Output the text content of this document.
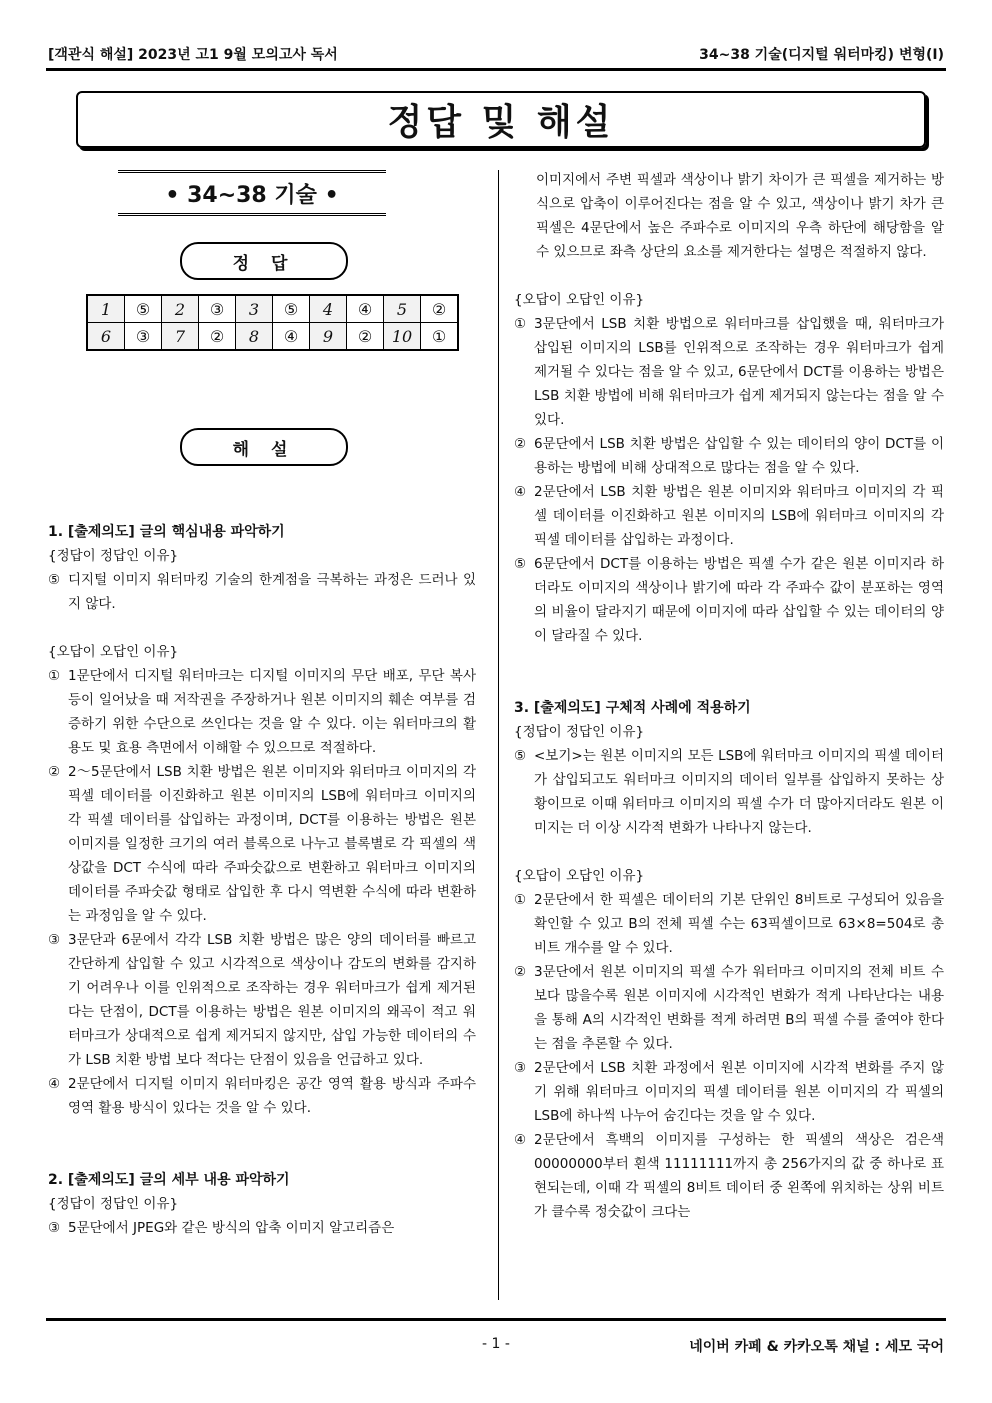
[객관식 해설] 2023년 고1 9월 모의고사 독서	34~38 기술(디지털 워터마킹) 변형(I)
정답 및 해설
• 34~38 기술 •
정 답
1	⑤	2	③	3	⑤	4	④	5	②
6	③	7	②	8	④	9	②	10	①
해 설

1. [출제의도] 글의 핵심내용 파악하기

{정답이 정답인 이유}

⑤ 디지털 이미지 워터마킹 기술의 한계점을 극복하는 과정은 드러나 있지 않다.

{오답이 오답인 이유}

① 1문단에서 디지털 워터마크는 디지털 이미지의 무단 배포, 무단 복사 등이 일어났을 때 저작권을 주장하거나 원본 이미지의 훼손 여부를 검증하기 위한 수단으로 쓰인다는 것을 알 수 있다. 이는 워터마크의 활용도 및 효용 측면에서 이해할 수 있으므로 적절하다.
② 2～5문단에서 LSB 치환 방법은 원본 이미지와 워터마크 이미지의 각 픽셀 데이터를 이진화하고 원본 이미지의 LSB에 워터마크 이미지의 각 픽셀 데이터를 삽입하는 과정이며, DCT를 이용하는 방법은 원본 이미지를 일정한 크기의 여러 블록으로 나누고 블록별로 각 픽셀의 색상값을 DCT 수식에 따라 주파숫값으로 변환하고 워터마크 이미지의 데이터를 주파숫값 형태로 삽입한 후 다시 역변환 수식에 따라 변환하는 과정임을 알 수 있다.
③ 3문단과 6문에서 각각 LSB 치환 방법은 많은 양의 데이터를 빠르고 간단하게 삽입할 수 있고 시각적으로 색상이나 감도의 변화를 감지하기 어려우나 이를 인위적으로 조작하는 경우 워터마크가 쉽게 제거된다는 단점이, DCT를 이용하는 방법은 원본 이미지의 왜곡이 적고 워터마크가 상대적으로 쉽게 제거되지 않지만, 삽입 가능한 데이터의 수가 LSB 치환 방법 보다 적다는 단점이 있음을 언급하고 있다.
④ 2문단에서 디지털 이미지 워터마킹은 공간 영역 활용 방식과 주파수 영역 활용 방식이 있다는 것을 알 수 있다.

2. [출제의도] 글의 세부 내용 파악하기

{정답이 정답인 이유}

③ 5문단에서 JPEG와 같은 방식의 압축 이미지 알고리즘은

이미지에서 주변 픽셀과 색상이나 밝기 차이가 큰 픽셀을 제거하는 방식으로 압축이 이루어진다는 점을 알 수 있고, 색상이나 밝기 차가 큰 픽셀은 4문단에서 높은 주파수로 이미지의 우측 하단에 해당함을 알 수 있으므로 좌측 상단의 요소를 제거한다는 설명은 적절하지 않다.

{오답이 오답인 이유}

① 3문단에서 LSB 치환 방법으로 워터마크를 삽입했을 때, 워터마크가 삽입된 이미지의 LSB를 인위적으로 조작하는 경우 워터마크가 쉽게 제거될 수 있다는 점을 알 수 있고, 6문단에서 DCT를 이용하는 방법은 LSB 치환 방법에 비해 워터마크가 쉽게 제거되지 않는다는 점을 알 수 있다.
② 6문단에서 LSB 치환 방법은 삽입할 수 있는 데이터의 양이 DCT를 이용하는 방법에 비해 상대적으로 많다는 점을 알 수 있다.
④ 2문단에서 LSB 치환 방법은 원본 이미지와 워터마크 이미지의 각 픽셀 데이터를 이진화하고 원본 이미지의 LSB에 워터마크 이미지의 각 픽셀 데이터를 삽입하는 과정이다.
⑤ 6문단에서 DCT를 이용하는 방법은 픽셀 수가 같은 원본 이미지라 하더라도 이미지의 색상이나 밝기에 따라 각 주파수 값이 분포하는 영역의 비율이 달라지기 때문에 이미지에 따라 삽입할 수 있는 데이터의 양이 달라질 수 있다.

3. [출제의도] 구체적 사례에 적용하기

{정답이 정답인 이유}

⑤ <보기>는 원본 이미지의 모든 LSB에 워터마크 이미지의 픽셀 데이터가 삽입되고도 워터마크 이미지의 데이터 일부를 삽입하지 못하는 상황이므로 이때 워터마크 이미지의 픽셀 수가 더 많아지더라도 원본 이미지는 더 이상 시각적 변화가 나타나지 않는다.

{오답이 오답인 이유}

① 2문단에서 한 픽셀은 데이터의 기본 단위인 8비트로 구성되어 있음을 확인할 수 있고 B의 전체 픽셀 수는 63픽셀이므로 63×8=504로 총 비트 개수를 알 수 있다.
② 3문단에서 원본 이미지의 픽셀 수가 워터마크 이미지의 전체 비트 수보다 많을수록 원본 이미지에 시각적인 변화가 적게 나타난다는 내용을 통해 A의 시각적인 변화를 적게 하려면 B의 픽셀 수를 줄여야 한다는 점을 추론할 수 있다.
③ 2문단에서 LSB 치환 과정에서 원본 이미지에 시각적 변화를 주지 않기 위해 워터마크 이미지의 픽셀 데이터를 원본 이미지의 각 픽셀의 LSB에 하나씩 나누어 숨긴다는 것을 알 수 있다.
④ 2문단에서 흑백의 이미지를 구성하는 한 픽셀의 색상은 검은색 00000000부터 흰색 11111111까지 총 256가지의 값 중 하나로 표현되는데, 이때 각 픽셀의 8비트 데이터 중 왼쪽에 위치하는 상위 비트가 클수록 정숫값이 크다는
- 1 -	네이버 카페 & 카카오톡 채널 : 세모 국어
